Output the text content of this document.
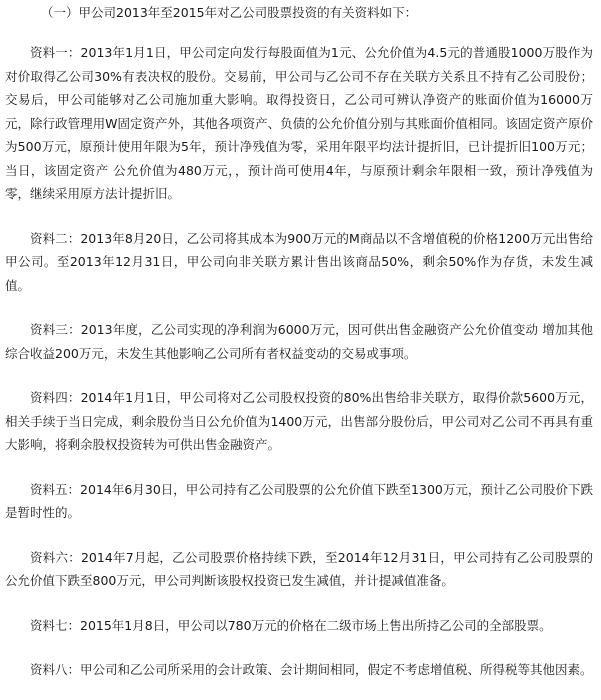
（一）甲公司2013年至2015年对乙公司股票投资的有关资料如下：

资料一：2013年1月1日，甲公司定向发行每股面值为1元、公允价值为4.5元的普通股1000万股作为对价取得乙公司30%有表决权的股份。交易前，甲公司与乙公司不存在关联方关系且不持有乙公司股份；交易后，甲公司能够对乙公司施加重大影响。取得投资日，乙公司可辨认净资产的账面价值为16000万元，除行政管理用W固定资产外，其他各项资产、负债的公允价值分别与其账面价值相同。该固定资产原价为500万元，原预计使用年限为5年，预计净残值为零，采用年限平均法计提折旧，已计提折旧100万元；当日，该固定资产 公允价值为480万元，，预计尚可使用4年，与原预计剩余年限相一致，预计净残值为零，继续采用原方法计提折旧。

资料二：2013年8月20日，乙公司将其成本为900万元的M商品以不含增值税的价格1200万元出售给甲公司。至2013年12月31日，甲公司向非关联方累计售出该商品50%，剩余50%作为存货，未发生减值。

资料三：2013年度，乙公司实现的净利润为6000万元，因可供出售金融资产公允价值变动 增加其他综合收益200万元，未发生其他影响乙公司所有者权益变动的交易或事项。

资料四：2014年1月1日，甲公司将对乙公司股权投资的80%出售给非关联方，取得价款5600万元，相关手续于当日完成，剩余股份当日公允价值为1400万元，出售部分股份后，甲公司对乙公司不再具有重大影响，将剩余股权投资转为可供出售金融资产。

资料五：2014年6月30日，甲公司持有乙公司股票的公允价值下跌至1300万元，预计乙公司股价下跌是暂时性的。

资料六：2014年7月起，乙公司股票价格持续下跌，至2014年12月31日，甲公司持有乙公司股票的公允价值下跌至800万元，甲公司判断该股权投资已发生减值，并计提减值准备。

资料七：2015年1月8日，甲公司以780万元的价格在二级市场上售出所持乙公司的全部股票。

资料八：甲公司和乙公司所采用的会计政策、会计期间相同，假定不考虑增值税、所得税等其他因素。
